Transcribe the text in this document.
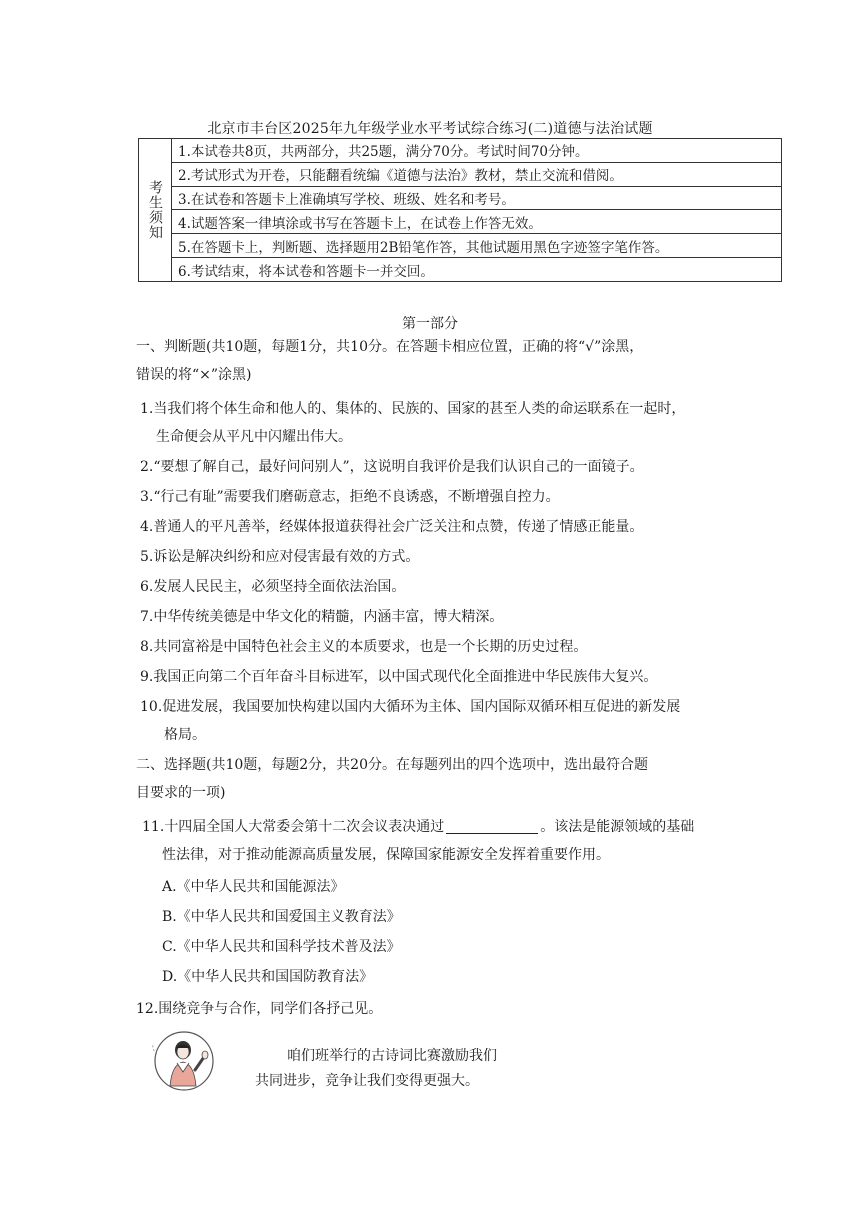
北京市丰台区2025年九年级学业水平考试综合练习(二)道德与法治试题
考生须知
1.本试卷共8页，共两部分，共25题，满分70分。考试时间70分钟。
2.考试形式为开卷，只能翻看统编《道德与法治》教材，禁止交流和借阅。
3.在试卷和答题卡上准确填写学校、班级、姓名和考号。
4.试题答案一律填涂或书写在答题卡上，在试卷上作答无效。
5.在答题卡上，判断题、选择题用2B铅笔作答，其他试题用黑色字迹签字笔作答。
6.考试结束，将本试卷和答题卡一并交回。
第一部分
一、判断题(共10题，每题1分，共10分。在答题卡相应位置，正确的将“√”涂黑，
错误的将“×”涂黑)
1.当我们将个体生命和他人的、集体的、民族的、国家的甚至人类的命运联系在一起时，
生命便会从平凡中闪耀出伟大。
2.“要想了解自己，最好问问别人”，这说明自我评价是我们认识自己的一面镜子。
3.“行己有耻”需要我们磨砺意志，拒绝不良诱惑，不断增强自控力。
4.普通人的平凡善举，经媒体报道获得社会广泛关注和点赞，传递了情感正能量。
5.诉讼是解决纠纷和应对侵害最有效的方式。
6.发展人民民主，必须坚持全面依法治国。
7.中华传统美德是中华文化的精髓，内涵丰富，博大精深。
8.共同富裕是中国特色社会主义的本质要求，也是一个长期的历史过程。
9.我国正向第二个百年奋斗目标进军，以中国式现代化全面推进中华民族伟大复兴。
10.促进发展，我国要加快构建以国内大循环为主体、国内国际双循环相互促进的新发展
格局。
二、选择题(共10题，每题2分，共20分。在每题列出的四个选项中，选出最符合题
目要求的一项)
11.十四届全国人大常委会第十二次会议表决通过	。该法是能源领域的基础
性法律，对于推动能源高质量发展，保障国家能源安全发挥着重要作用。
A.《中华人民共和国能源法》
B.《中华人民共和国爱国主义教育法》
C.《中华人民共和国科学技术普及法》
D.《中华人民共和国国防教育法》
12.围绕竞争与合作，同学们各抒己见。
咱们班举行的古诗词比赛激励我们
共同进步，竞争让我们变得更强大。
